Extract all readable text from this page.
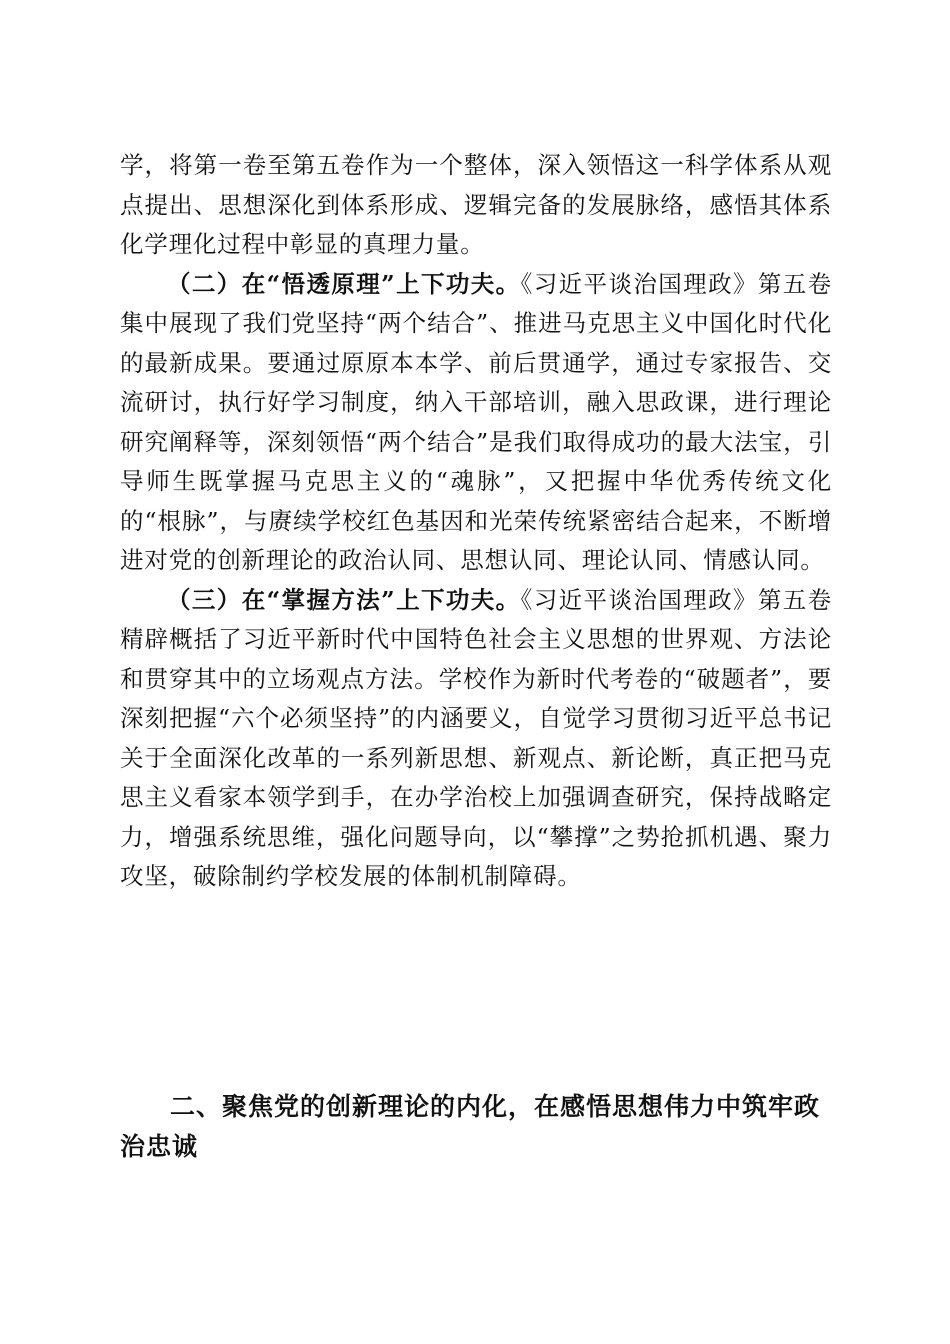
学，将第一卷至第五卷作为一个整体，深入领悟这一科学体系从观点提出、思想深化到体系形成、逻辑完备的发展脉络，感悟其体系化学理化过程中彰显的真理力量。

（二）在“悟透原理”上下功夫。《习近平谈治国理政》第五卷集中展现了我们党坚持“两个结合”、推进马克思主义中国化时代化的最新成果。要通过原原本本学、前后贯通学，通过专家报告、交流研讨，执行好学习制度，纳入干部培训，融入思政课，进行理论研究阐释等，深刻领悟“两个结合”是我们取得成功的最大法宝，引导师生既掌握马克思主义的“魂脉”，又把握中华优秀传统文化的“根脉”，与赓续学校红色基因和光荣传统紧密结合起来，不断增进对党的创新理论的政治认同、思想认同、理论认同、情感认同。

（三）在“掌握方法”上下功夫。《习近平谈治国理政》第五卷精辟概括了习近平新时代中国特色社会主义思想的世界观、方法论和贯穿其中的立场观点方法。学校作为新时代考卷的“破题者”，要深刻把握“六个必须坚持”的内涵要义，自觉学习贯彻习近平总书记关于全面深化改革的一系列新思想、新观点、新论断，真正把马克思主义看家本领学到手，在办学治校上加强调查研究，保持战略定力，增强系统思维，强化问题导向，以“攀撑”之势抢抓机遇、聚力攻坚，破除制约学校发展的体制机制障碍。

二、聚焦党的创新理论的内化，在感悟思想伟力中筑牢政治忠诚
